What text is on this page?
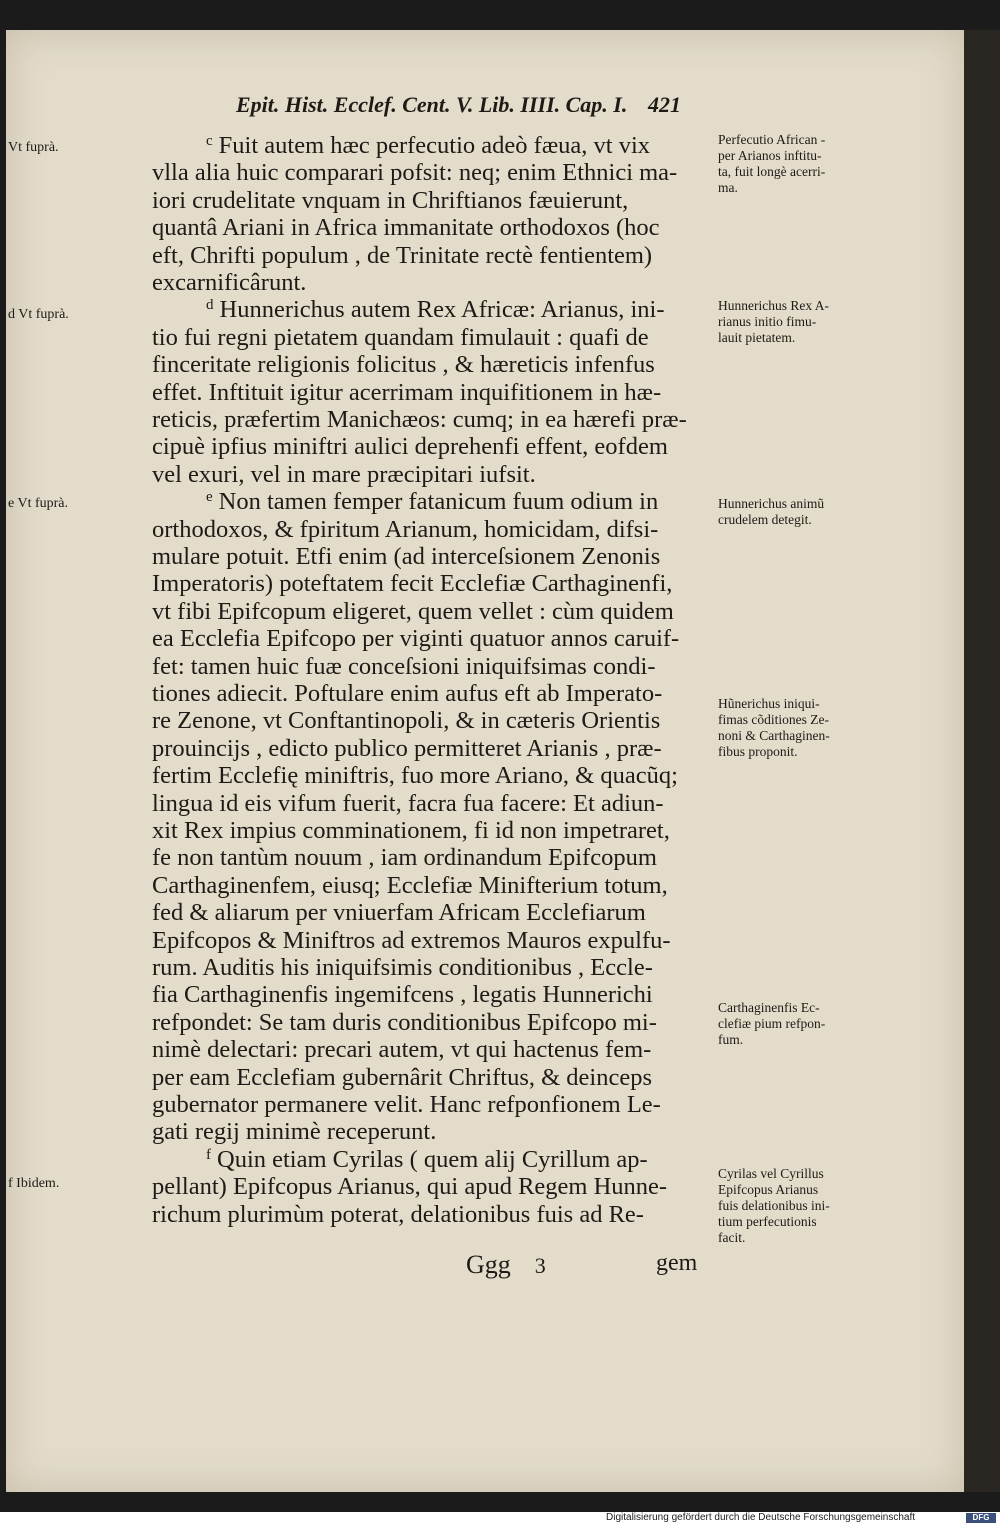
Epit. Hist. Ecclef. Cent. V. Lib. IIII. Cap. I. 421
Vt fuprà.
d Vt fuprà.
e Vt fuprà.
f Ibidem.
$^c$ Fuit autem hæc perfecutio adeò fæua, vt vix
vlla alia huic comparari pofsit: neq; enim Ethnici ma-
iori crudelitate vnquam in Chriftianos fæuierunt,
quantâ Ariani in Africa immanitate orthodoxos (hoc
eft, Chrifti populum , de Trinitate rectè fentientem)
excarnificârunt.
$^d$ Hunnerichus autem Rex Africæ: Arianus, ini-
tio fui regni pietatem quandam fimulauit : quafi de
finceritate religionis folicitus , & hæreticis infenfus
effet. Inftituit igitur acerrimam inquifitionem in hæ-
reticis, præfertim Manichæos: cumq; in ea hærefi præ-
cipuè ipfius miniftri aulici deprehenfi effent, eofdem
vel exuri, vel in mare præcipitari iufsit.
$^e$ Non tamen femper fatanicum fuum odium in
orthodoxos, & fpiritum Arianum, homicidam, difsi-
mulare potuit. Etfi enim (ad interceſsionem Zenonis
Imperatoris) poteftatem fecit Ecclefiæ Carthaginenfi,
vt fibi Epifcopum eligeret, quem vellet : cùm quidem
ea Ecclefia Epifcopo per viginti quatuor annos caruif-
fet: tamen huic fuæ conceſsioni iniquifsimas condi-
tiones adiecit. Poftulare enim aufus eft ab Imperato-
re Zenone, vt Conftantinopoli, & in cæteris Orientis
prouincijs , edicto publico permitteret Arianis , præ-
fertim Ecclefię miniftris, fuo more Ariano, & quacũq;
lingua id eis vifum fuerit, facra fua facere: Et adiun-
xit Rex impius comminationem, fi id non impetraret,
fe non tantùm nouum , iam ordinandum Epifcopum
Carthaginenfem, eiusq; Ecclefiæ Minifterium totum,
fed & aliarum per vniuerfam Africam Ecclefiarum
Epifcopos & Miniftros ad extremos Mauros expulfu-
rum. Auditis his iniquifsimis conditionibus , Eccle-
fia Carthaginenfis ingemifcens , legatis Hunnerichi
refpondet: Se tam duris conditionibus Epifcopo mi-
nimè delectari: precari autem, vt qui hactenus fem-
per eam Ecclefiam gubernârit Chriftus, & deinceps
gubernator permanere velit. Hanc refponfionem Le-
gati regij minimè receperunt.
$^f$ Quin etiam Cyrilas ( quem alij Cyrillum ap-
pellant) Epifcopus Arianus, qui apud Regem Hunne-
richum plurimùm poterat, delationibus fuis ad Re-
Perfecutio African -
per Arianos inftitu-
ta, fuit longè acerri-
ma.
Hunnerichus Rex A-
rianus initio fimu-
lauit pietatem.
Hunnerichus animũ
crudelem detegit.
Hũnerichus iniqui-
fimas cõditiones Ze-
noni & Carthaginen-
fibus proponit.
Carthaginenfis Ec-
clefiæ pium refpon-
fum.
Cyrilas vel Cyrillus
Epifcopus Arianus
fuis delationibus ini-
tium perfecutionis
facit.
Ggg 3	gem
Digitalisierung gefördert durch die Deutsche Forschungsgemeinschaft	DFG
